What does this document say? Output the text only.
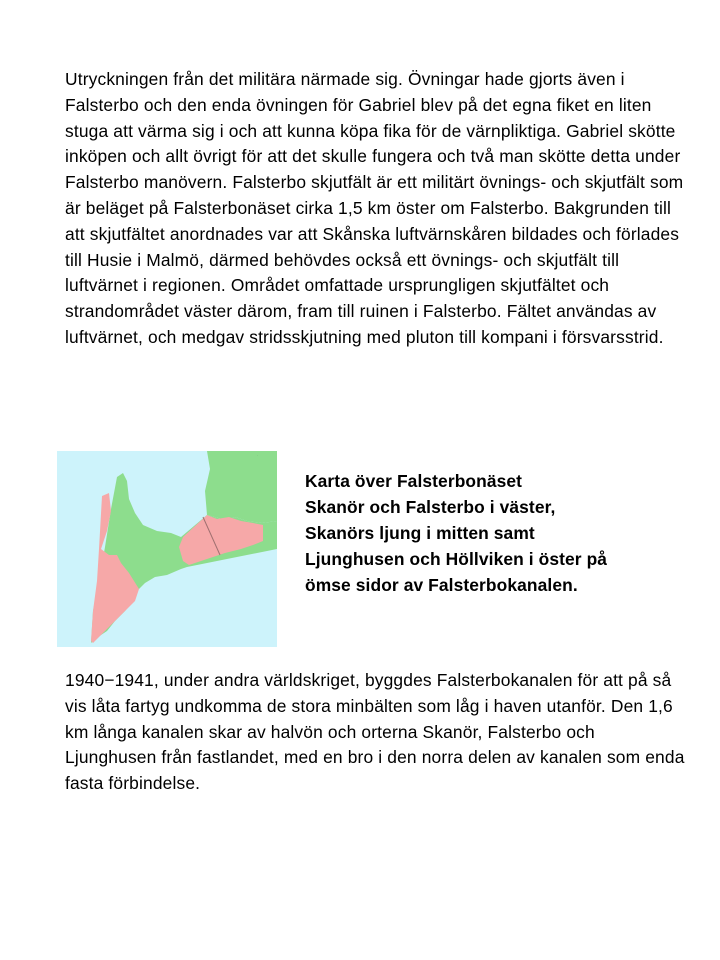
Utryckningen från det militära närmade sig. Övningar hade gjorts även i Falsterbo och den enda övningen för Gabriel blev på det egna fiket en liten stuga att värma sig i och att kunna köpa fika för de värnpliktiga. Gabriel skötte inköpen och allt övrigt för att det skulle fungera och två man skötte detta under Falsterbo manövern. Falsterbo skjutfält är ett militärt övnings- och skjutfält som är beläget på Falsterbonäset cirka 1,5 km öster om Falsterbo. Bakgrunden till att skjutfältet anordnades var att Skånska luftvärnskåren bildades och förlades till Husie i Malmö, därmed behövdes också ett övnings- och skjutfält till luftvärnet i regionen. Området omfattade ursprungligen skjutfältet och strandområdet väster därom, fram till ruinen i Falsterbo. Fältet användas av luftvärnet, och medgav stridsskjutning med pluton till kompani i försvarsstrid.

·
Karta över Falsterbonäset
Skanör och Falsterbo i väster,
Skanörs ljung i mitten samt
Ljunghusen och Höllviken i öster på
ömse sidor av Falsterbokanalen.

1940−1941, under andra världskriget, byggdes Falsterbokanalen för att på så vis låta fartyg undkomma de stora minbälten som låg i haven utanför. Den 1,6 km långa kanalen skar av halvön och orterna Skanör, Falsterbo och Ljunghusen från fastlandet, med en bro i den norra delen av kanalen som enda fasta förbindelse.
